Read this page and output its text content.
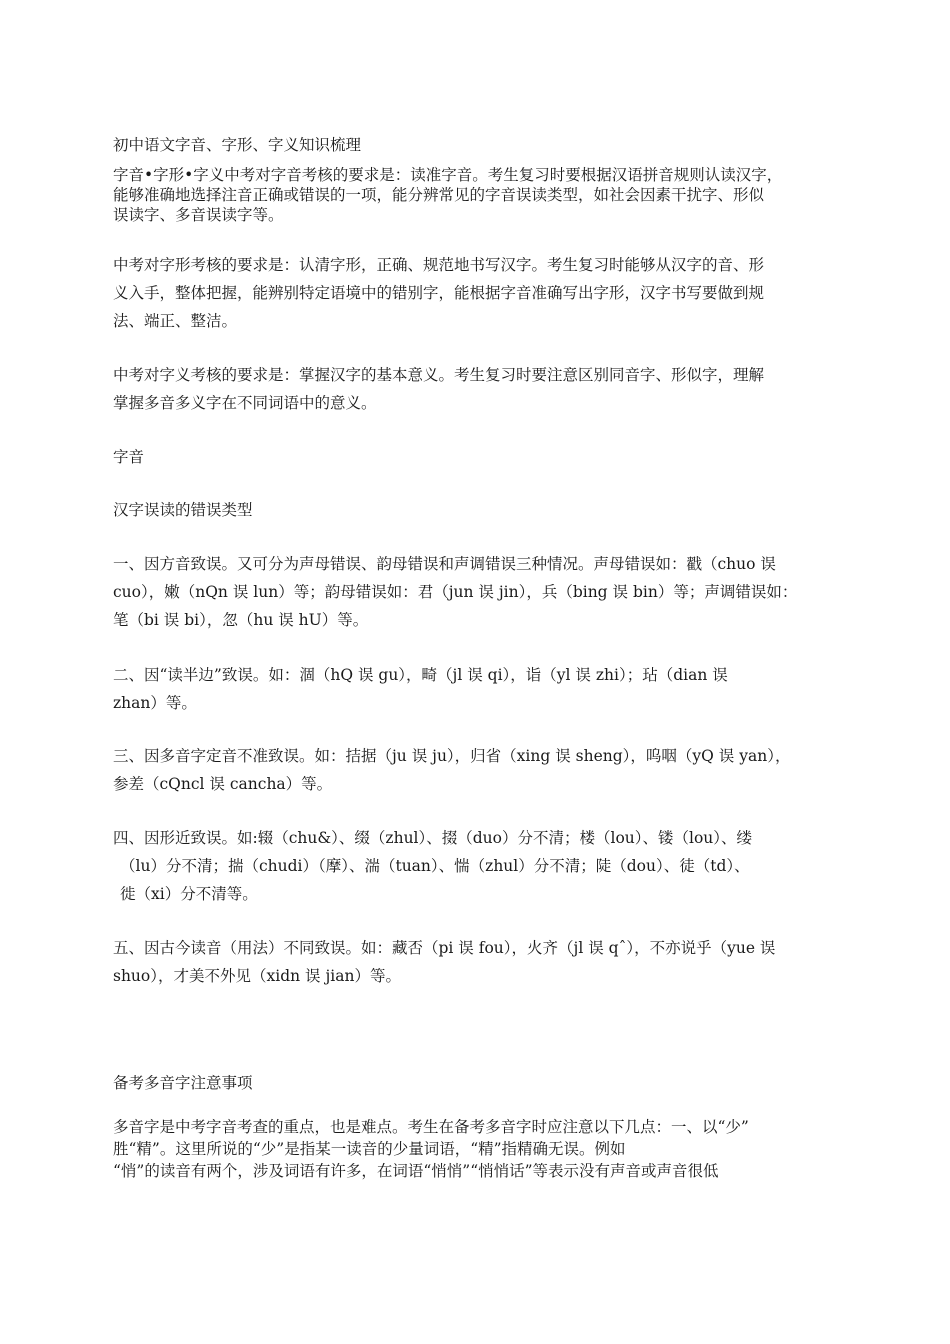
初中语文字音、字形、字义知识梳理
字音•字形•字义中考对字音考核的要求是：读准字音。考生复习时要根据汉语拼音规则认读汉字，
能够准确地选择注音正确或错误的一项，能分辨常见的字音误读类型，如社会因素干扰字、形似
误读字、多音误读字等。
中考对字形考核的要求是：认清字形，正确、规范地书写汉字。考生复习时能够从汉字的音、形
义入手，整体把握，能辨别特定语境中的错别字，能根据字音准确写出字形，汉字书写要做到规
法、端正、整洁。
中考对字义考核的要求是：掌握汉字的基本意义。考生复习时要注意区别同音字、形似字，理解
掌握多音多义字在不同词语中的意义。
字音
汉字误读的错误类型
一、因方音致误。又可分为声母错误、韵母错误和声调错误三种情况。声母错误如：戳（chuo 误
cuo），嫩（nQn 误 lun）等；韵母错误如：君（jun 误 jin），兵（bing 误 bin）等；声调错误如：
笔（bi 误 bi），忽（hu 误 hU）等。
二、因“读半边”致误。如：涸（hQ 误 gu），畸（jl 误 qi），诣（yl 误 zhi）；玷（dian 误
zhan）等。
三、因多音字定音不准致误。如：拮据（ju 误 ju），归省（xing 误 sheng），呜咽（yQ 误 yan），
参差（cQncl 误 cancha）等。
四、因形近致误。如:辍（chu&）、缀（zhul）、掇（duo）分不清；楼（lou）、镂（lou）、缕
（lu）分不清；揣（chudi）（摩）、湍（tuan）、惴（zhul）分不清；陡（dou）、徒（td）、
徙（xi）分不清等。
五、因古今读音（用法）不同致误。如：藏否（pi 误 fou），火齐（jl 误 qˆ），不亦说乎（yue 误
shuo），才美不外见（xidn 误 jian）等。
备考多音字注意事项
多音字是中考字音考查的重点，也是难点。考生在备考多音字时应注意以下几点：一、以“少”
胜“精”。这里所说的“少”是指某一读音的少量词语，“精”指精确无误。例如
“悄”的读音有两个，涉及词语有许多，在词语“悄悄”“悄悄话”等表示没有声音或声音很低
